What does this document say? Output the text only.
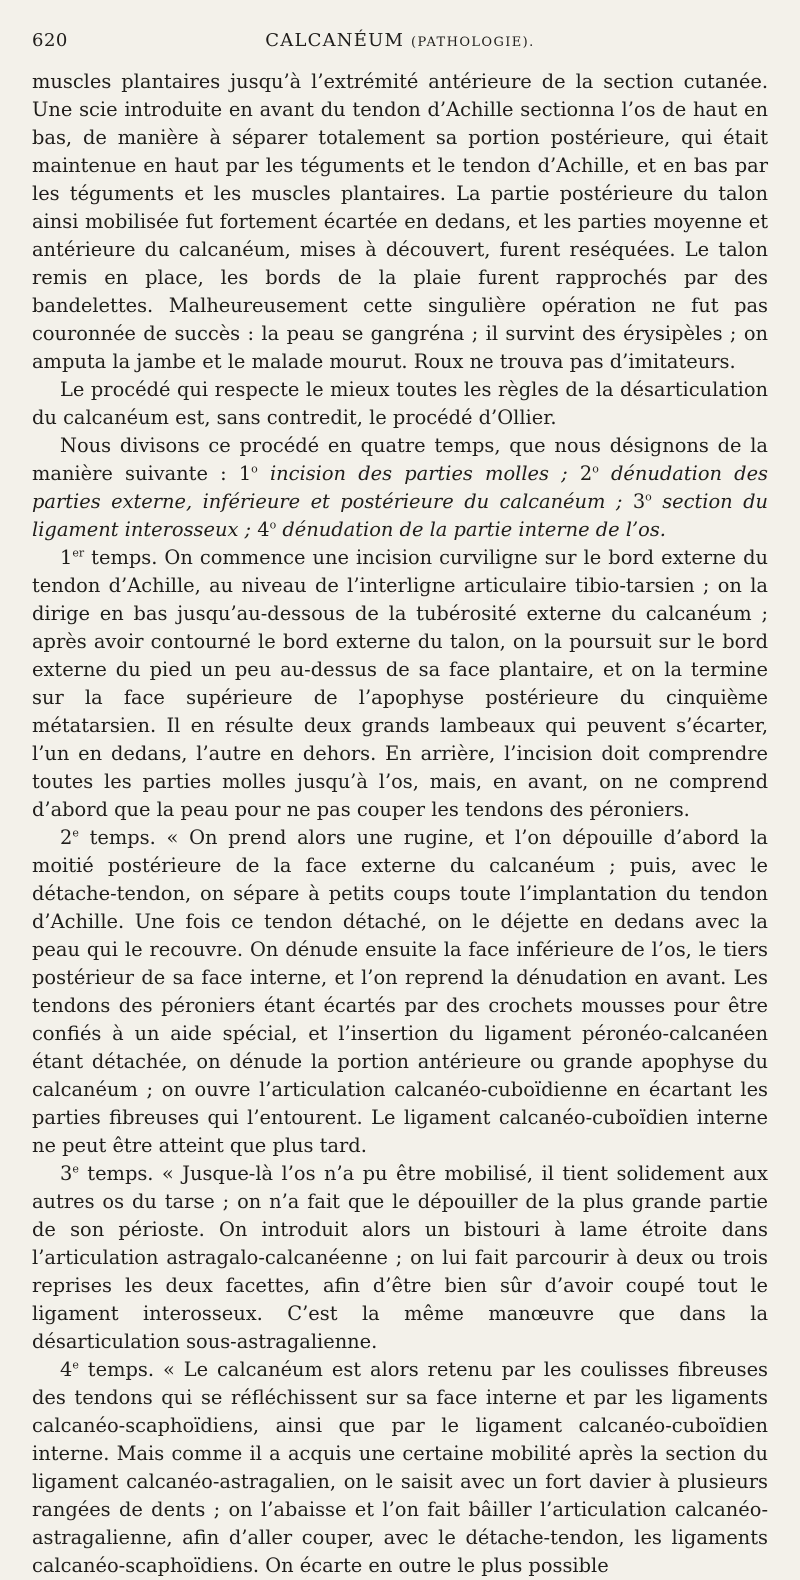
620	CALCANÉUM (PATHOLOGIE).

muscles plantaires jusqu’à l’extrémité antérieure de la section cutanée. Une scie introduite en avant du tendon d’Achille sectionna l’os de haut en bas, de manière à séparer totalement sa portion postérieure, qui était maintenue en haut par les téguments et le tendon d’Achille, et en bas par les téguments et les muscles plantaires. La partie postérieure du talon ainsi mobilisée fut fortement écartée en dedans, et les parties moyenne et antérieure du calcanéum, mises à découvert, furent reséquées. Le talon remis en place, les bords de la plaie furent rapprochés par des bandelettes. Malheureusement cette singulière opération ne fut pas couronnée de succès : la peau se gangréna ; il survint des érysipèles ; on amputa la jambe et le malade mourut. Roux ne trouva pas d’imitateurs.

Le procédé qui respecte le mieux toutes les règles de la désarticulation du calcanéum est, sans contredit, le procédé d’Ollier.

Nous divisons ce procédé en quatre temps, que nous désignons de la manière suivante : 1$^o$ incision des parties molles ; 2$^o$ dénudation des parties externe, inférieure et postérieure du calcanéum ; 3$^o$ section du ligament interosseux ; 4$^o$ dénudation de la partie interne de l’os.

1er temps. On commence une incision curviligne sur le bord externe du tendon d’Achille, au niveau de l’interligne articulaire tibio-tarsien ; on la dirige en bas jusqu’au-dessous de la tubérosité externe du calcanéum ; après avoir contourné le bord externe du talon, on la poursuit sur le bord externe du pied un peu au-dessus de sa face plantaire, et on la termine sur la face supérieure de l’apophyse postérieure du cinquième métatarsien. Il en résulte deux grands lambeaux qui peuvent s’écarter, l’un en dedans, l’autre en dehors. En arrière, l’incision doit comprendre toutes les parties molles jusqu’à l’os, mais, en avant, on ne comprend d’abord que la peau pour ne pas couper les tendons des péroniers.

2e temps. « On prend alors une rugine, et l’on dépouille d’abord la moitié postérieure de la face externe du calcanéum ; puis, avec le détache-tendon, on sépare à petits coups toute l’implantation du tendon d’Achille. Une fois ce tendon détaché, on le déjette en dedans avec la peau qui le recouvre. On dénude ensuite la face inférieure de l’os, le tiers postérieur de sa face interne, et l’on reprend la dénudation en avant. Les tendons des péroniers étant écartés par des crochets mousses pour être confiés à un aide spécial, et l’insertion du ligament péronéo-calcanéen étant détachée, on dénude la portion antérieure ou grande apophyse du calcanéum ; on ouvre l’articulation calcanéo-cuboïdienne en écartant les parties fibreuses qui l’entourent. Le ligament calcanéo-cuboïdien interne ne peut être atteint que plus tard.

3e temps. « Jusque-là l’os n’a pu être mobilisé, il tient solidement aux autres os du tarse ; on n’a fait que le dépouiller de la plus grande partie de son périoste. On introduit alors un bistouri à lame étroite dans l’articulation astragalo-calcanéenne ; on lui fait parcourir à deux ou trois reprises les deux facettes, afin d’être bien sûr d’avoir coupé tout le ligament interosseux. C’est la même manœuvre que dans la désarticulation sous-astragalienne.

4e temps. « Le calcanéum est alors retenu par les coulisses fibreuses des tendons qui se réfléchissent sur sa face interne et par les ligaments calcanéo-scaphoïdiens, ainsi que par le ligament calcanéo-cuboïdien interne. Mais comme il a acquis une certaine mobilité après la section du ligament calcanéo-astragalien, on le saisit avec un fort davier à plusieurs rangées de dents ; on l’abaisse et l’on fait bâiller l’articulation calcanéo-astragalienne, afin d’aller couper, avec le détache-tendon, les ligaments calcanéo-scaphoïdiens. On écarte en outre le plus possible
